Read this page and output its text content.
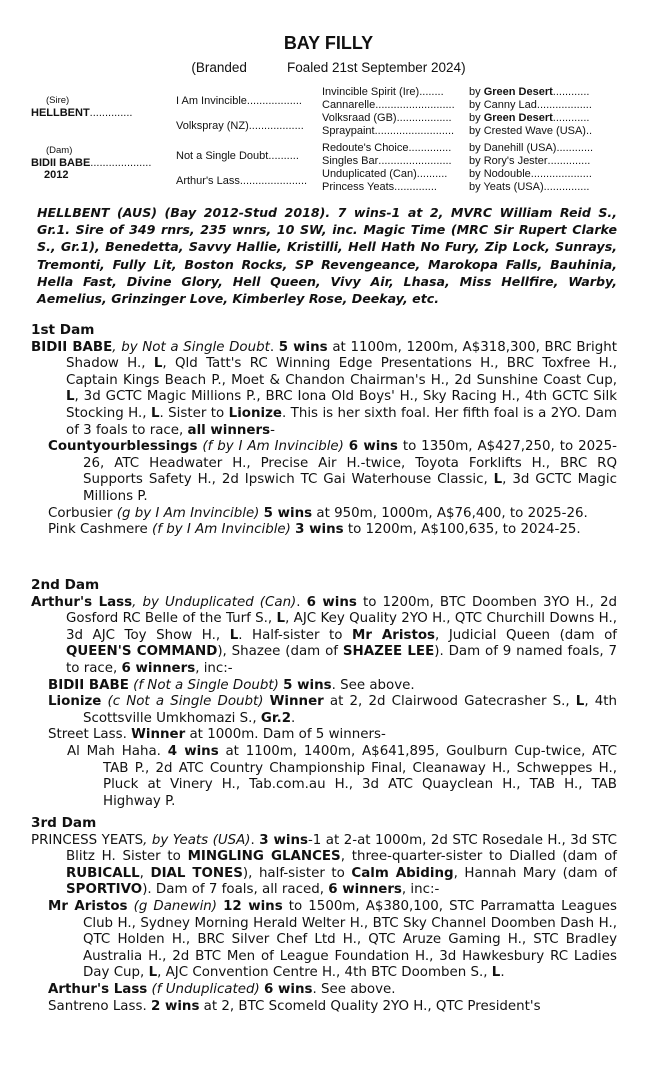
BAY FILLY
(Branded	Foaled 21st September 2024)
(Sire)
HELLBENT..............
(Dam)
BIDII BABE....................
2012
I Am Invincible..................
Volkspray (NZ)..................
Not a Single Doubt..........
Arthur's Lass......................
Invincible Spirit (Ire)........
Cannarelle..........................
Volksraad (GB)..................
Spraypaint..........................
Redoute's Choice..............
Singles Bar........................
Unduplicated (Can)..........
Princess Yeats..............
by Green Desert............
by Canny Lad..................
by Green Desert............
by Crested Wave (USA)..
by Danehill (USA)............
by Rory's Jester..............
by Nodouble....................
by Yeats (USA)...............
HELLBENT (AUS) (Bay 2012-Stud 2018). 7 wins-1 at 2, MVRC William Reid S., Gr.1. Sire of 349 rnrs, 235 wnrs, 10 SW, inc. Magic Time (MRC Sir Rupert Clarke S., Gr.1), Benedetta, Savvy Hallie, Kristilli, Hell Hath No Fury, Zip Lock, Sunrays, Tremonti, Fully Lit, Boston Rocks, SP Revengeance, Marokopa Falls, Bauhinia, Hella Fast, Divine Glory, Hell Queen, Vivy Air, Lhasa, Miss Hellfire, Warby, Aemelius, Grinzinger Love, Kimberley Rose, Deekay, etc.
1st Dam

BIDII BABE, by Not a Single Doubt. 5 wins at 1100m, 1200m, A$318,300, BRC Bright Shadow H., L, Qld Tatt's RC Winning Edge Presentations H., BRC Toxfree H., Captain Kings Beach P., Moet & Chandon Chairman's H., 2d Sunshine Coast Cup, L, 3d GCTC Magic Millions P., BRC Iona Old Boys' H., Sky Racing H., 4th GCTC Silk Stocking H., L. Sister to Lionize. This is her sixth foal. Her fifth foal is a 2YO. Dam of 3 foals to race, all winners-

Countyourblessings (f by I Am Invincible) 6 wins to 1350m, A$427,250, to 2025-26, ATC Headwater H., Precise Air H.-twice, Toyota Forklifts H., BRC RQ Supports Safety H., 2d Ipswich TC Gai Waterhouse Classic, L, 3d GCTC Magic Millions P.

Corbusier (g by I Am Invincible) 5 wins at 950m, 1000m, A$76,400, to 2025-26.

Pink Cashmere (f by I Am Invincible) 3 wins to 1200m, A$100,635, to 2024-25.

2nd Dam

Arthur's Lass, by Unduplicated (Can). 6 wins to 1200m, BTC Doomben 3YO H., 2d Gosford RC Belle of the Turf S., L, AJC Key Quality 2YO H., QTC Churchill Downs H., 3d AJC Toy Show H., L. Half-sister to Mr Aristos, Judicial Queen (dam of QUEEN'S COMMAND), Shazee (dam of SHAZEE LEE). Dam of 9 named foals, 7 to race, 6 winners, inc:-

BIDII BABE (f Not a Single Doubt) 5 wins. See above.

Lionize (c Not a Single Doubt) Winner at 2, 2d Clairwood Gatecrasher S., L, 4th Scottsville Umkhomazi S., Gr.2.

Street Lass. Winner at 1000m. Dam of 5 winners-

Al Mah Haha. 4 wins at 1100m, 1400m, A$641,895, Goulburn Cup-twice, ATC TAB P., 2d ATC Country Championship Final, Cleanaway H., Schweppes H., Pluck at Vinery H., Tab.com.au H., 3d ATC Quayclean H., TAB H., TAB Highway P.

3rd Dam

PRINCESS YEATS, by Yeats (USA). 3 wins-1 at 2-at 1000m, 2d STC Rosedale H., 3d STC Blitz H. Sister to MINGLING GLANCES, three-quarter-sister to Dialled (dam of RUBICALL, DIAL TONES), half-sister to Calm Abiding, Hannah Mary (dam of SPORTIVO). Dam of 7 foals, all raced, 6 winners, inc:-

Mr Aristos (g Danewin) 12 wins to 1500m, A$380,100, STC Parramatta Leagues Club H., Sydney Morning Herald Welter H., BTC Sky Channel Doomben Dash H., QTC Holden H., BRC Silver Chef Ltd H., QTC Aruze Gaming H., STC Bradley Australia H., 2d BTC Men of League Foundation H., 3d Hawkesbury RC Ladies Day Cup, L, AJC Convention Centre H., 4th BTC Doomben S., L.

Arthur's Lass (f Unduplicated) 6 wins. See above.

Santreno Lass. 2 wins at 2, BTC Scomeld Quality 2YO H., QTC President's
